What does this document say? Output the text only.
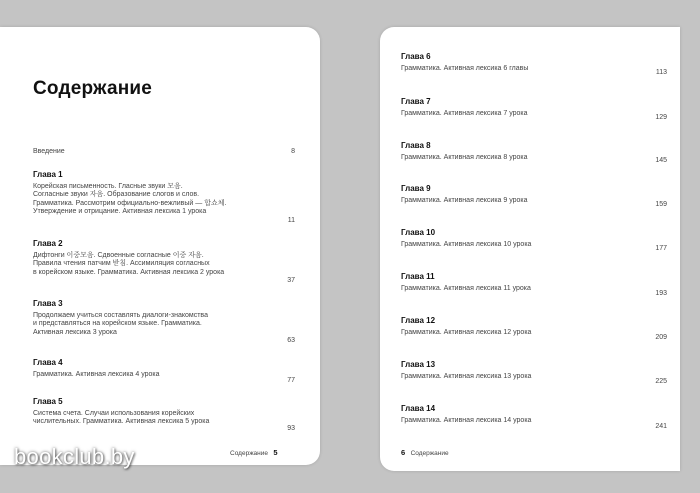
Содержание
Введение	8
Глава 1
Корейская письменность. Гласные звуки 모음.
Согласные звуки 자음. Образование слогов и слов.
Грамматика. Рассмотрим официально-вежливый — 합쇼체.
Утверждение и отрицание. Активная лексика 1 урока
11
Глава 2
Дифтонги 이중모음. Сдвоенные согласные 이중 자음.
Правила чтения патчим 받침. Ассимиляция согласных
в корейском языке. Грамматика. Активная лексика 2 урока
37
Глава 3
Продолжаем учиться составлять диалоги-знакомства
и представляться на корейском языке. Грамматика.
Активная лексика 3 урока
63
Глава 4
Грамматика. Активная лексика 4 урока
77
Глава 5
Система счета. Случаи использования корейских
числительных. Грамматика. Активная лексика 5 урока
93
Содержание 5
Глава 6
Грамматика. Активная лексика 6 главы
113
Глава 7
Грамматика. Активная лексика 7 урока
129
Глава 8
Грамматика. Активная лексика 8 урока	145
Глава 9
Грамматика. Активная лексика 9 урока
159
Глава 10
Грамматика. Активная лексика 10 урока
177
Глава 11
Грамматика. Активная лексика 11 урока
193
Глава 12
Грамматика. Активная лексика 12 урока
209
Глава 13
Грамматика. Активная лексика 13 урока
225
Глава 14
Грамматика. Активная лексика 14 урока
241
6 Содержание
bookclub.by
